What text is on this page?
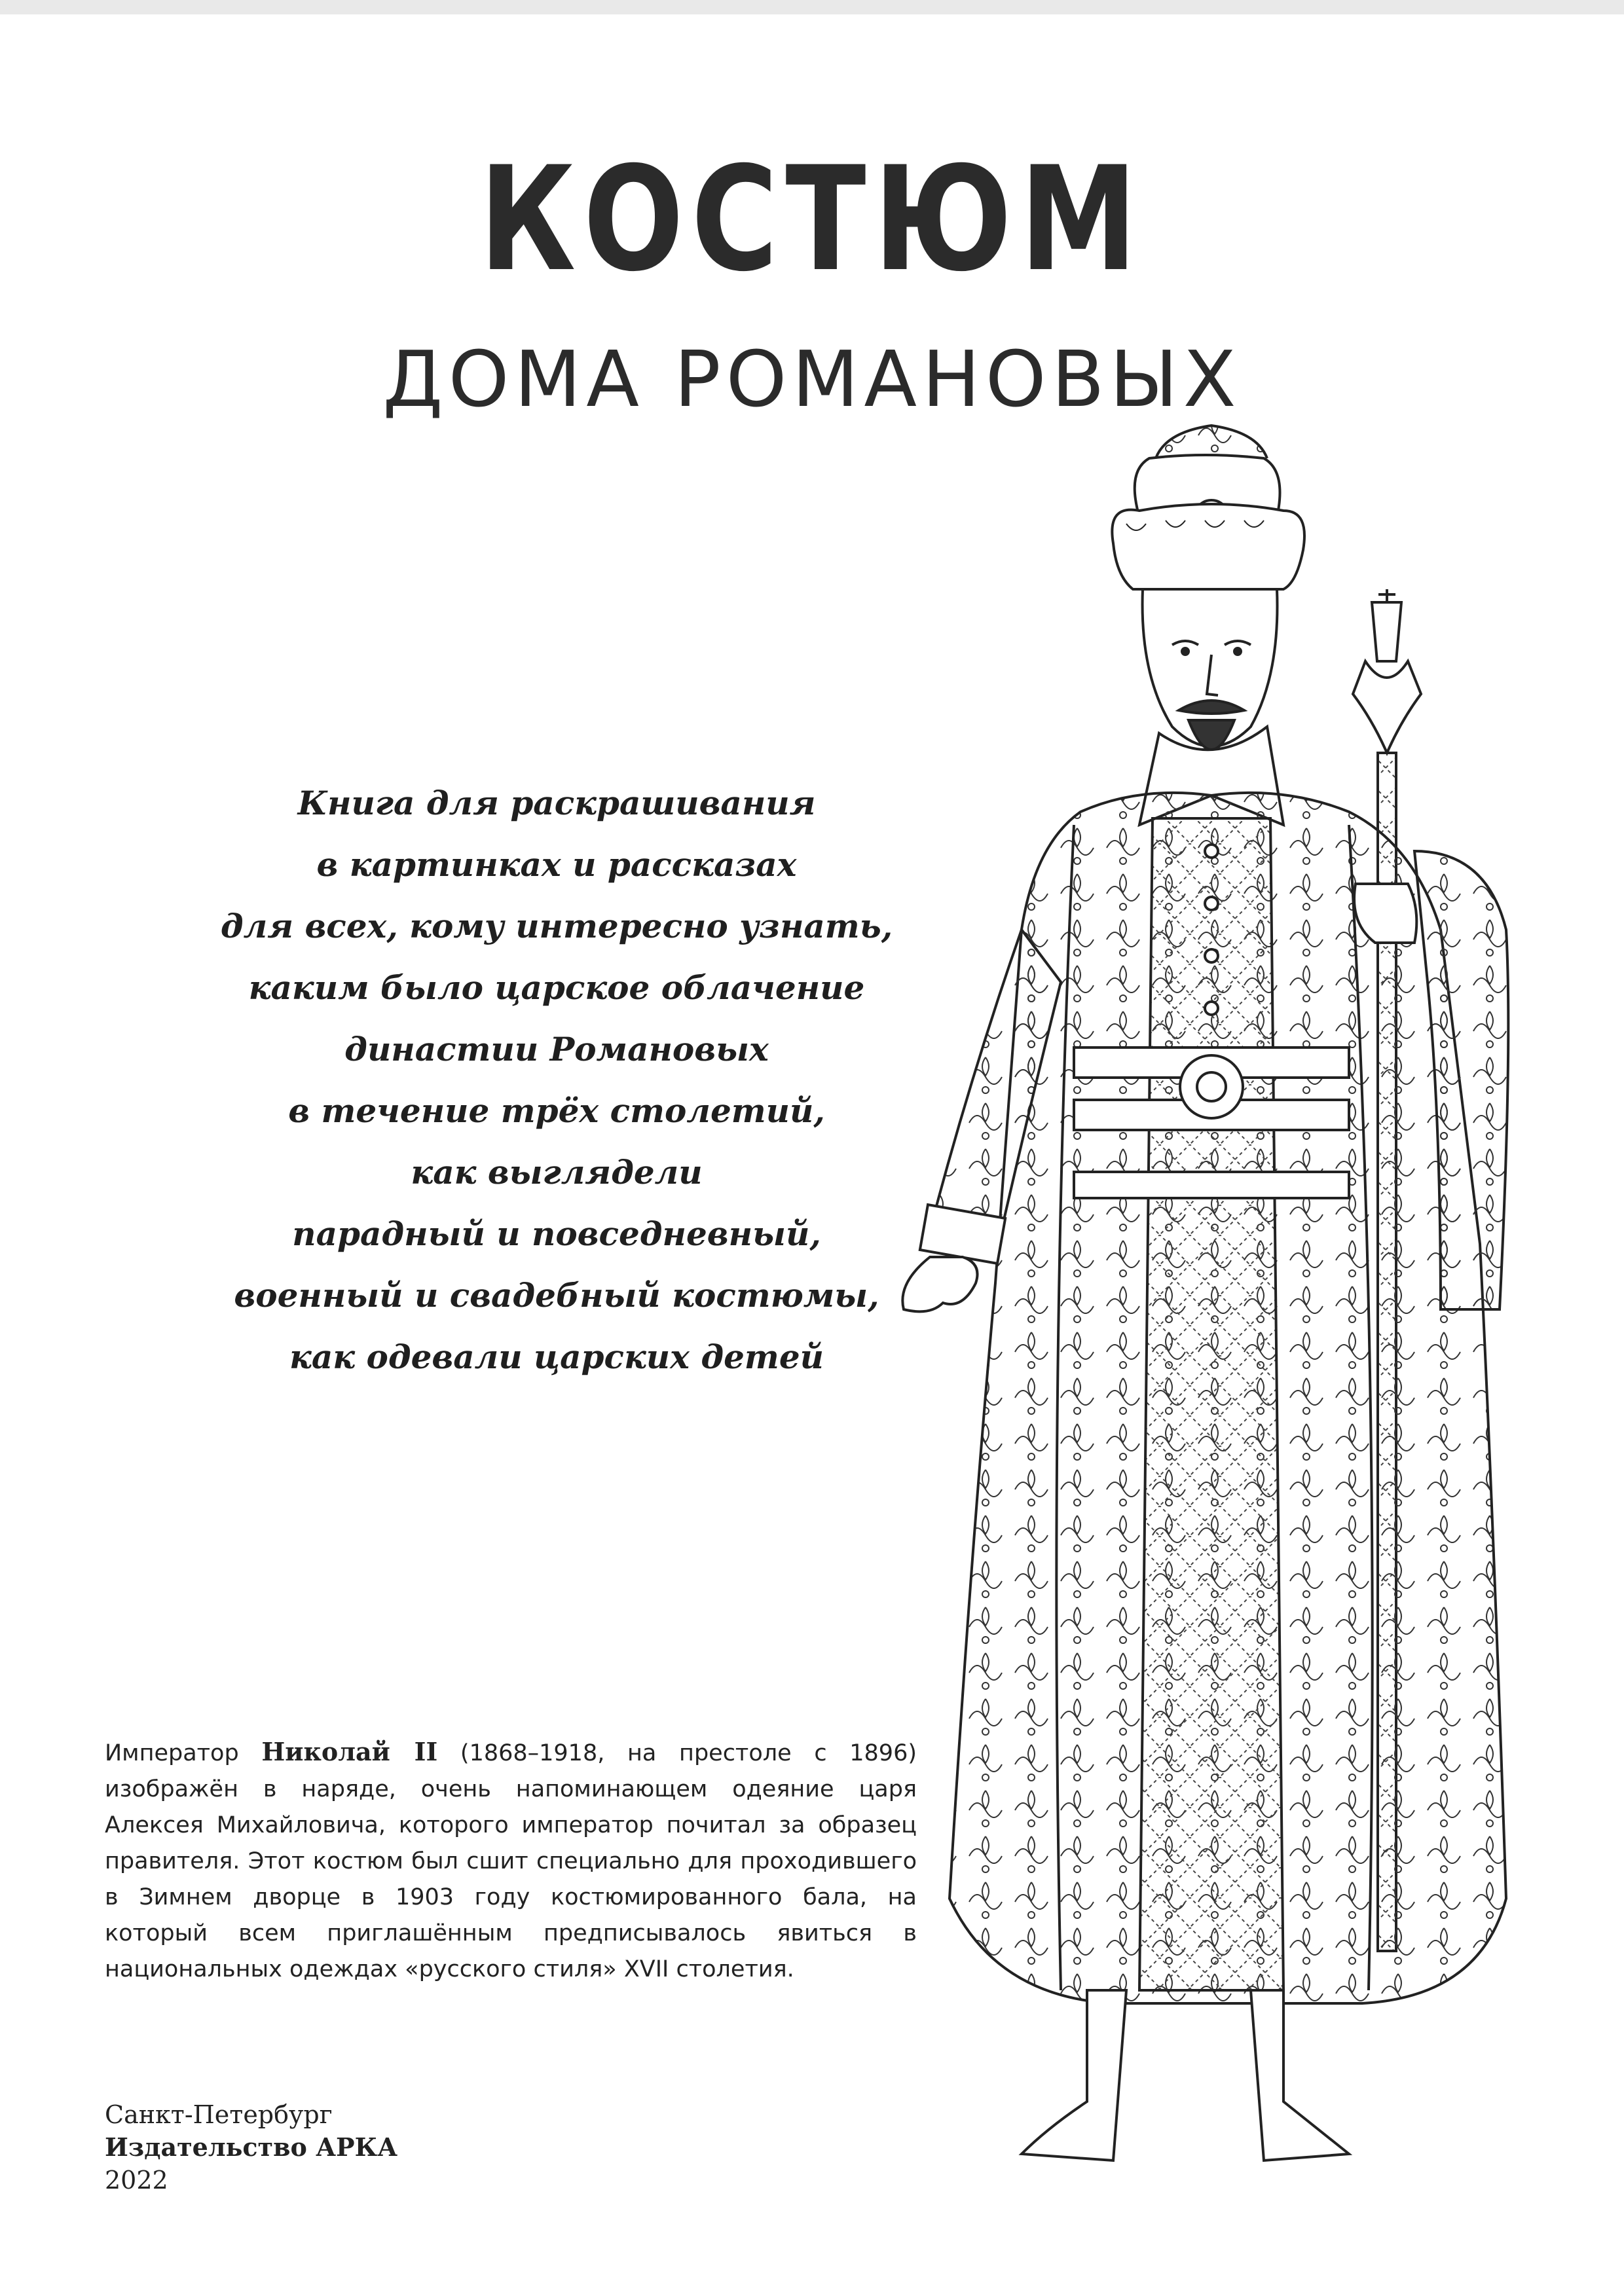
КОСТЮМ
ДОМА РОМАНОВЫХ
Книга для раскрашивания
в картинках и рассказах
для всех, кому интересно узнать,
каким было царское облачение
династии Романовых
в течение трёх столетий,
как выглядели
парадный и повседневный,
военный и свадебный костюмы,
как одевали царских детей
Император Николай II (1868–1918, на престоле с 1896) изображён в наряде, очень напоминающем одеяние царя Алексея Михайловича, которого император почитал за образец правителя. Этот костюм был сшит специально для проходившего в Зимнем дворце в 1903 году костюмированного бала, на который всем приглашённым предписывалось явиться в национальных одеждах «русского стиля» XVII столетия.
Санкт-Петербург
Издательство АРКА
2022
